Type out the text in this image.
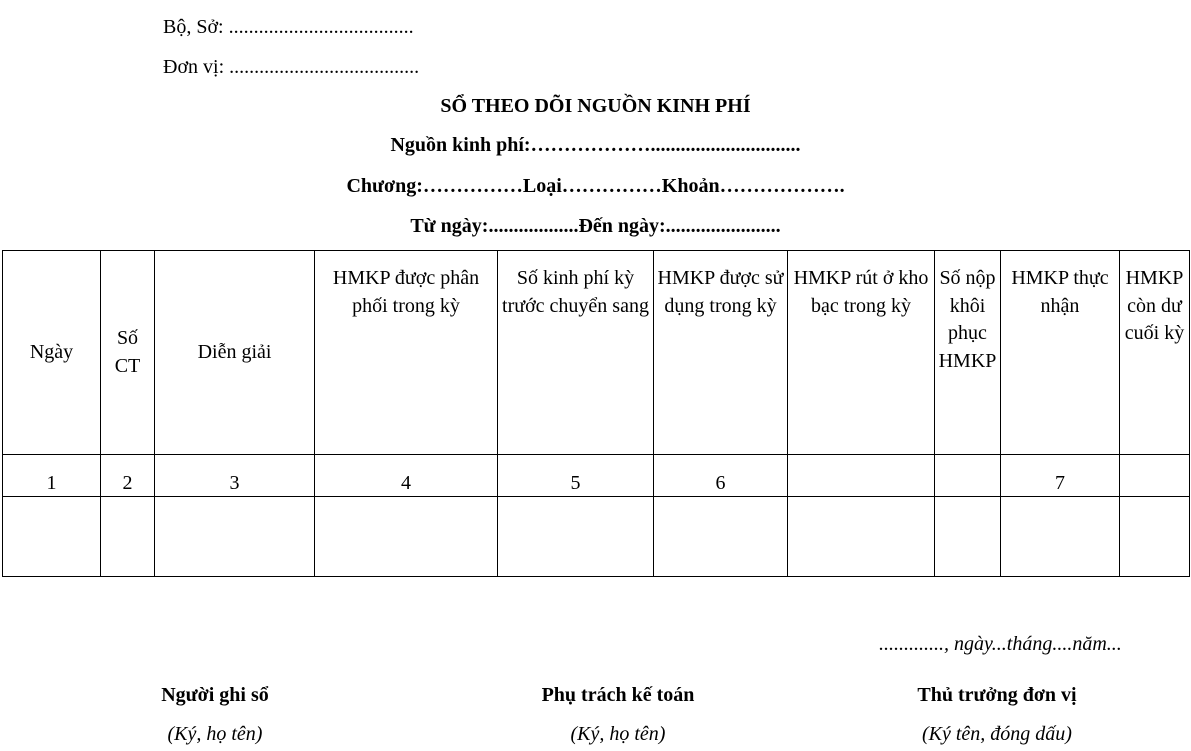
Bộ, Sở: .....................................
Đơn vị: ......................................
SỔ THEO DÕI NGUỒN KINH PHÍ
Nguồn kinh phí:………………..............................
Chương:……………Loại……………Khoản……………….
Từ ngày:..................Đến ngày:.......................
Ngày	Số CT	Diễn giải	HMKP được phân phối trong kỳ	Số kinh phí kỳ trước chuyển sang	HMKP được sử dụng trong kỳ	HMKP rút ở kho bạc trong kỳ	Số nộp khôi phục HMKP	HMKP thực nhận	HMKP còn dư cuối kỳ
1	2	3	4	5	6			7	

............., ngày...tháng....năm...
Người ghi sổ	Phụ trách kế toán	Thủ trưởng đơn vị
(Ký, họ tên)	(Ký, họ tên)	(Ký tên, đóng dấu)
